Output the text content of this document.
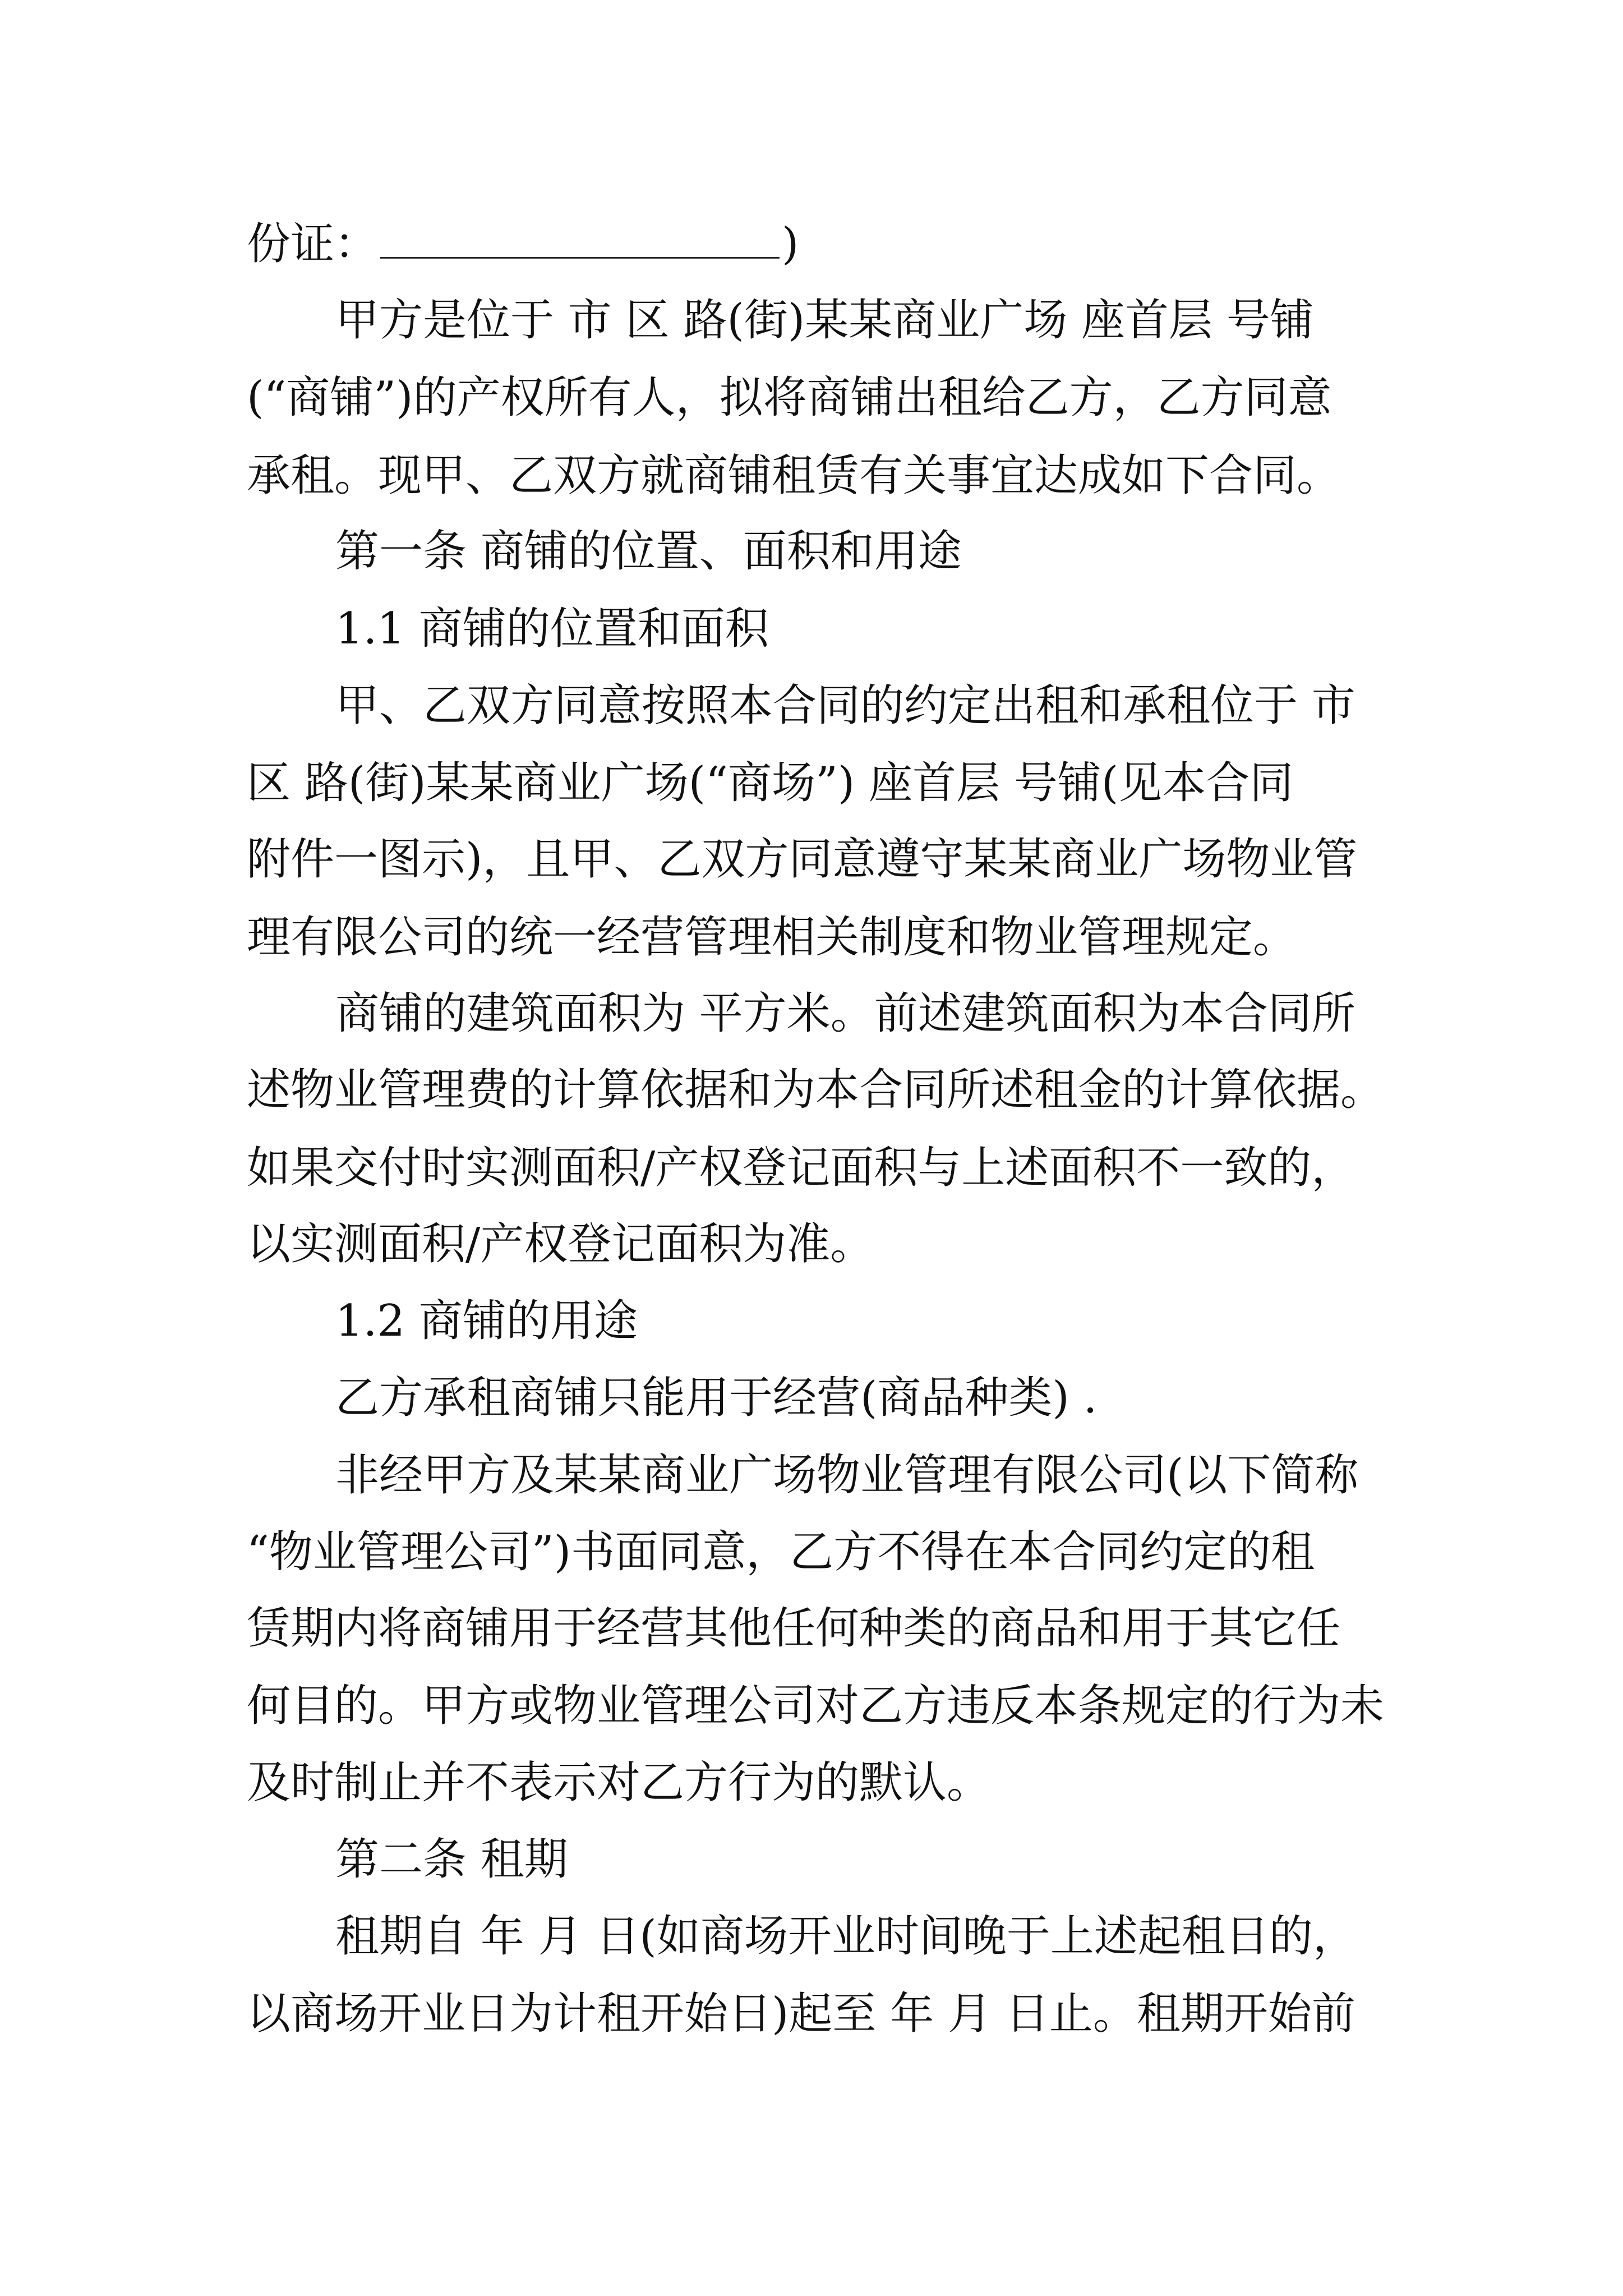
份证：	)

甲方是位于 市 区 路(街)某某商业广场 座首层 号铺

(“商铺”)的产权所有人，拟将商铺出租给乙方，乙方同意

承租。现甲、乙双方就商铺租赁有关事宜达成如下合同。

第一条 商铺的位置、面积和用途

1.1 商铺的位置和面积

甲、乙双方同意按照本合同的约定出租和承租位于 市

区 路(街)某某商业广场(“商场”) 座首层 号铺(见本合同

附件一图示)，且甲、乙双方同意遵守某某商业广场物业管

理有限公司的统一经营管理相关制度和物业管理规定。

商铺的建筑面积为 平方米。前述建筑面积为本合同所

述物业管理费的计算依据和为本合同所述租金的计算依据。

如果交付时实测面积/产权登记面积与上述面积不一致的，

以实测面积/产权登记面积为准。

1.2 商铺的用途

乙方承租商铺只能用于经营(商品种类) .

非经甲方及某某商业广场物业管理有限公司(以下简称

“物业管理公司”)书面同意，乙方不得在本合同约定的租

赁期内将商铺用于经营其他任何种类的商品和用于其它任

何目的。甲方或物业管理公司对乙方违反本条规定的行为未

及时制止并不表示对乙方行为的默认。

第二条 租期

租期自 年 月 日(如商场开业时间晚于上述起租日的，

以商场开业日为计租开始日)起至 年 月 日止。租期开始前
